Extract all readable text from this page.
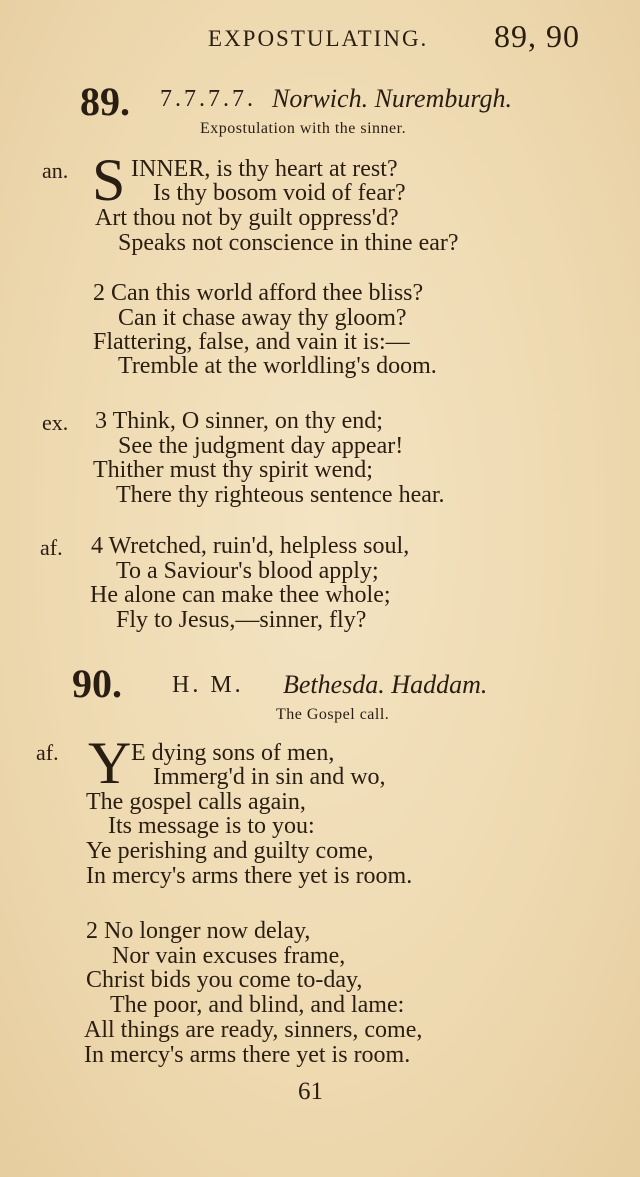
EXPOSTULATING. 89, 90
89. 7.7.7.7. Norwich. Nuremburgh.
Expostulation with the sinner.
an. S INNER, is thy heart at rest?
Is thy bosom void of fear?
Art thou not by guilt oppress'd?
Speaks not conscience in thine ear?
2 Can this world afford thee bliss?
Can it chase away thy gloom?
Flattering, false, and vain it is:—
Tremble at the worldling's doom.
ex. 3 Think, O sinner, on thy end;
See the judgment day appear!
Thither must thy spirit wend;
There thy righteous sentence hear.
af. 4 Wretched, ruin'd, helpless soul,
To a Saviour's blood apply;
He alone can make thee whole;
Fly to Jesus,—sinner, fly?
90. H. M. Bethesda. Haddam.
The Gospel call.
af. Y E dying sons of men,
Immerg'd in sin and wo,
The gospel calls again,
Its message is to you:
Ye perishing and guilty come,
In mercy's arms there yet is room.
2 No longer now delay,
Nor vain excuses frame,
Christ bids you come to-day,
The poor, and blind, and lame:
All things are ready, sinners, come,
In mercy's arms there yet is room.
61
